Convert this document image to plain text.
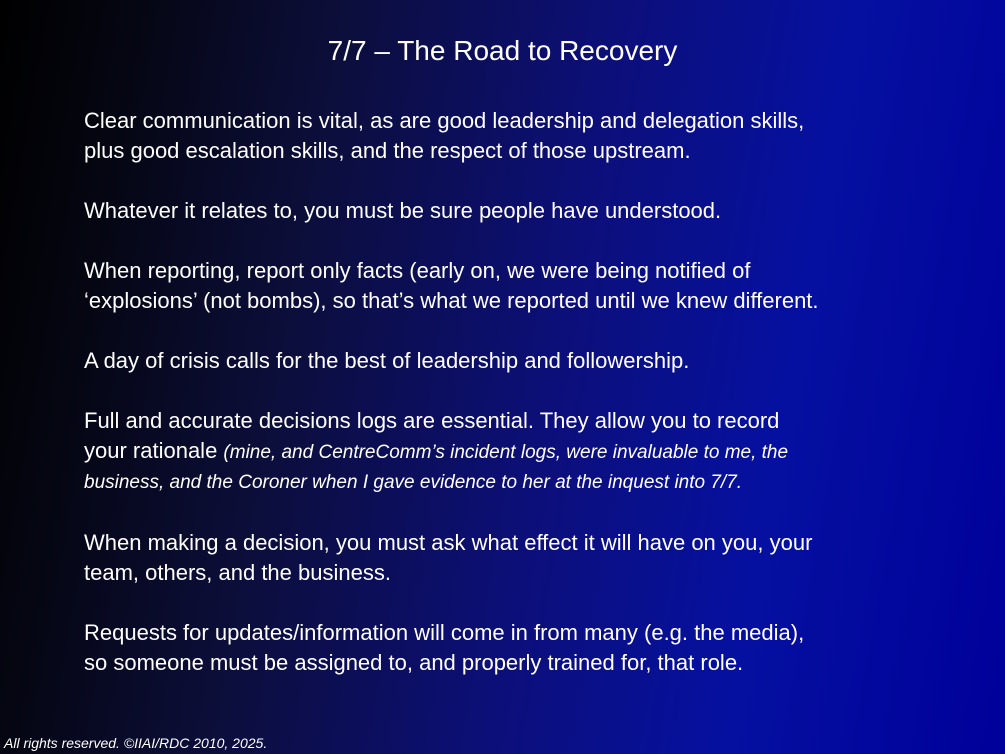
7/7 – The Road to Recovery

Clear communication is vital, as are good leadership and delegation skills,
plus good escalation skills, and the respect of those upstream.

Whatever it relates to, you must be sure people have understood.

When reporting, report only facts (early on, we were being notified of
‘explosions’ (not bombs), so that’s what we reported until we knew different.

A day of crisis calls for the best of leadership and followership.

Full and accurate decisions logs are essential. They allow you to record
your rationale (mine, and CentreComm’s incident logs, were invaluable to me, the
business, and the Coroner when I gave evidence to her at the inquest into 7/7.

When making a decision, you must ask what effect it will have on you, your
team, others, and the business.

Requests for updates/information will come in from many (e.g. the media),
so someone must be assigned to, and properly trained for, that role.

All rights reserved. ©IIAI/RDC 2010, 2025.
